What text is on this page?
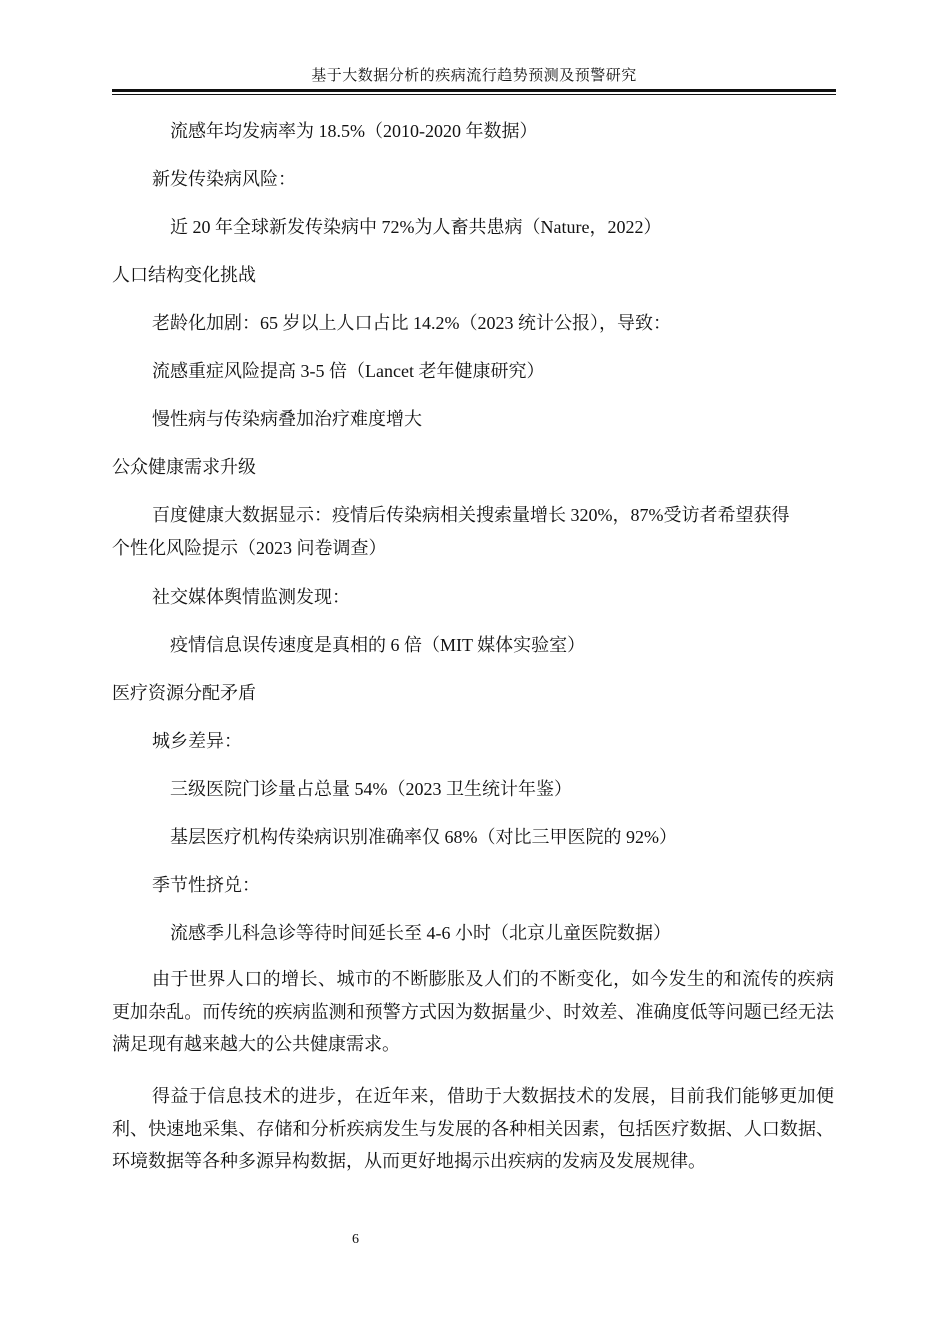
基于大数据分析的疾病流行趋势预测及预警研究
流感年均发病率为 18.5%（2010-2020 年数据）
新发传染病风险：
近 20 年全球新发传染病中 72%为人畜共患病（Nature，2022）
人口结构变化挑战
老龄化加剧：65 岁以上人口占比 14.2%（2023 统计公报），导致：
流感重症风险提高 3-5 倍（Lancet 老年健康研究）
慢性病与传染病叠加治疗难度增大
公众健康需求升级
百度健康大数据显示：疫情后传染病相关搜索量增长 320%，87%受访者希望获得
个性化风险提示（2023 问卷调查）
社交媒体舆情监测发现：
疫情信息误传速度是真相的 6 倍（MIT 媒体实验室）
医疗资源分配矛盾
城乡差异：
三级医院门诊量占总量 54%（2023 卫生统计年鉴）
基层医疗机构传染病识别准确率仅 68%（对比三甲医院的 92%）
季节性挤兑：
流感季儿科急诊等待时间延长至 4-6 小时（北京儿童医院数据）
由于世界人口的增长、城市的不断膨胀及人们的不断变化，如今发生的和流传的疾病更加杂乱。而传统的疾病监测和预警方式因为数据量少、时效差、准确度低等问题已经无法满足现有越来越大的公共健康需求。
得益于信息技术的进步，在近年来，借助于大数据技术的发展，目前我们能够更加便利、快速地采集、存储和分析疾病发生与发展的各种相关因素，包括医疗数据、人口数据、环境数据等各种多源异构数据，从而更好地揭示出疾病的发病及发展规律。
6
